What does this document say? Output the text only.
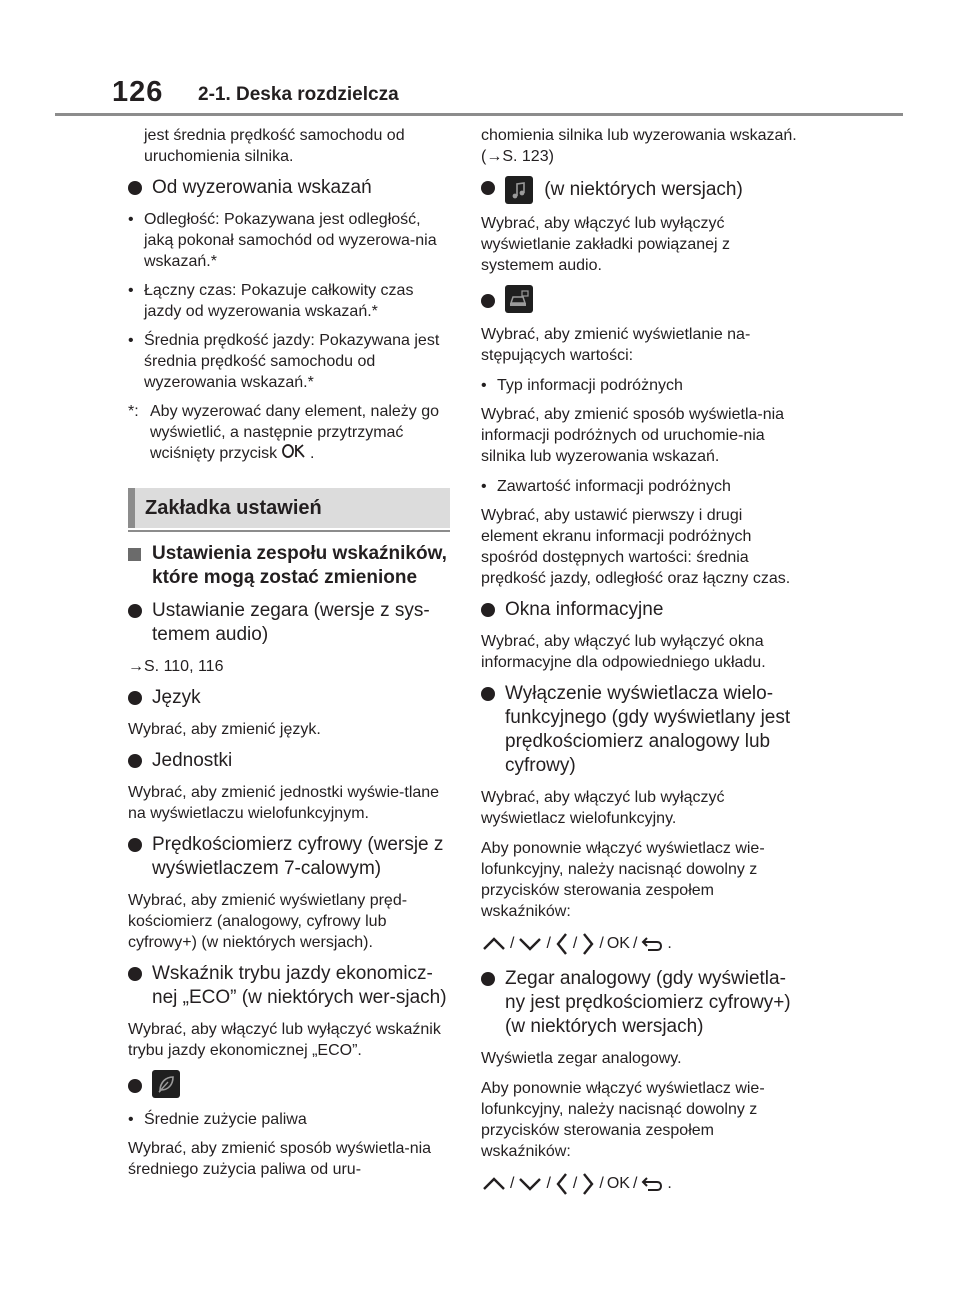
126 2-1. Deska rozdzielcza

jest średnia prędkość samochodu od uruchomienia silnika.

Od wyzerowania wskazań
• Odległość: Pokazywana jest odległość, jaką pokonał samochód od wyzerowa-nia wskazań.*
• Łączny czas: Pokazuje całkowity czas jazdy od wyzerowania wskazań.*
• Średnia prędkość jazdy: Pokazywana jest średnia prędkość samochodu od wyzerowania wskazań.*
*: Aby wyzerować dany element, należy go wyświetlić, a następnie przytrzymać wciśnięty przycisk .
Zakładka ustawień
Ustawienia zespołu wskaźników, które mogą zostać zmienione
Ustawianie zegara (wersje z sys-temem audio)

→S. 110, 116

Język

Wybrać, aby zmienić język.

Jednostki

Wybrać, aby zmienić jednostki wyświe-tlane na wyświetlaczu wielofunkcyjnym.

Prędkościomierz cyfrowy (wersje z wyświetlaczem 7-calowym)

Wybrać, aby zmienić wyświetlany pręd-kościomierz (analogowy, cyfrowy lub cyfrowy+) (w niektórych wersjach).

Wskaźnik trybu jazdy ekonomicz-nej „ECO” (w niektórych wer-sjach)

Wybrać, aby włączyć lub wyłączyć wskaźnik trybu jazdy ekonomicznej „ECO”.

• Średnie zużycie paliwa

Wybrać, aby zmienić sposób wyświetla-nia średniego zużycia paliwa od uru-

chomienia silnika lub wyzerowania wskazań. (→S. 123)

(w niektórych wersjach)

Wybrać, aby włączyć lub wyłączyć wyświetlanie zakładki powiązanej z systemem audio.

Wybrać, aby zmienić wyświetlanie na-stępujących wartości:

• Typ informacji podróżnych

Wybrać, aby zmienić sposób wyświetla-nia informacji podróżnych od uruchomie-nia silnika lub wyzerowania wskazań.

• Zawartość informacji podróżnych

Wybrać, aby ustawić pierwszy i drugi element ekranu informacji podróżnych spośród dostępnych wartości: średnia prędkość jazdy, odległość oraz łączny czas.

Okna informacyjne

Wybrać, aby włączyć lub wyłączyć okna informacyjne dla odpowiedniego układu.

Wyłączenie wyświetlacza wielo-funkcyjnego (gdy wyświetlany jest prędkościomierz analogowy lub cyfrowy)

Wybrać, aby włączyć lub wyłączyć wyświetlacz wielofunkcyjny.

Aby ponownie włączyć wyświetlacz wie-lofunkcyjny, należy nacisnąć dowolny z przycisków sterowania zespołem wskaźników:

/ / / / OK / .
Zegar analogowy (gdy wyświetla-ny jest prędkościomierz cyfrowy+) (w niektórych wersjach)

Wyświetla zegar analogowy.

Aby ponownie włączyć wyświetlacz wie-lofunkcyjny, należy nacisnąć dowolny z przycisków sterowania zespołem wskaźników:

/ / / / OK / .
